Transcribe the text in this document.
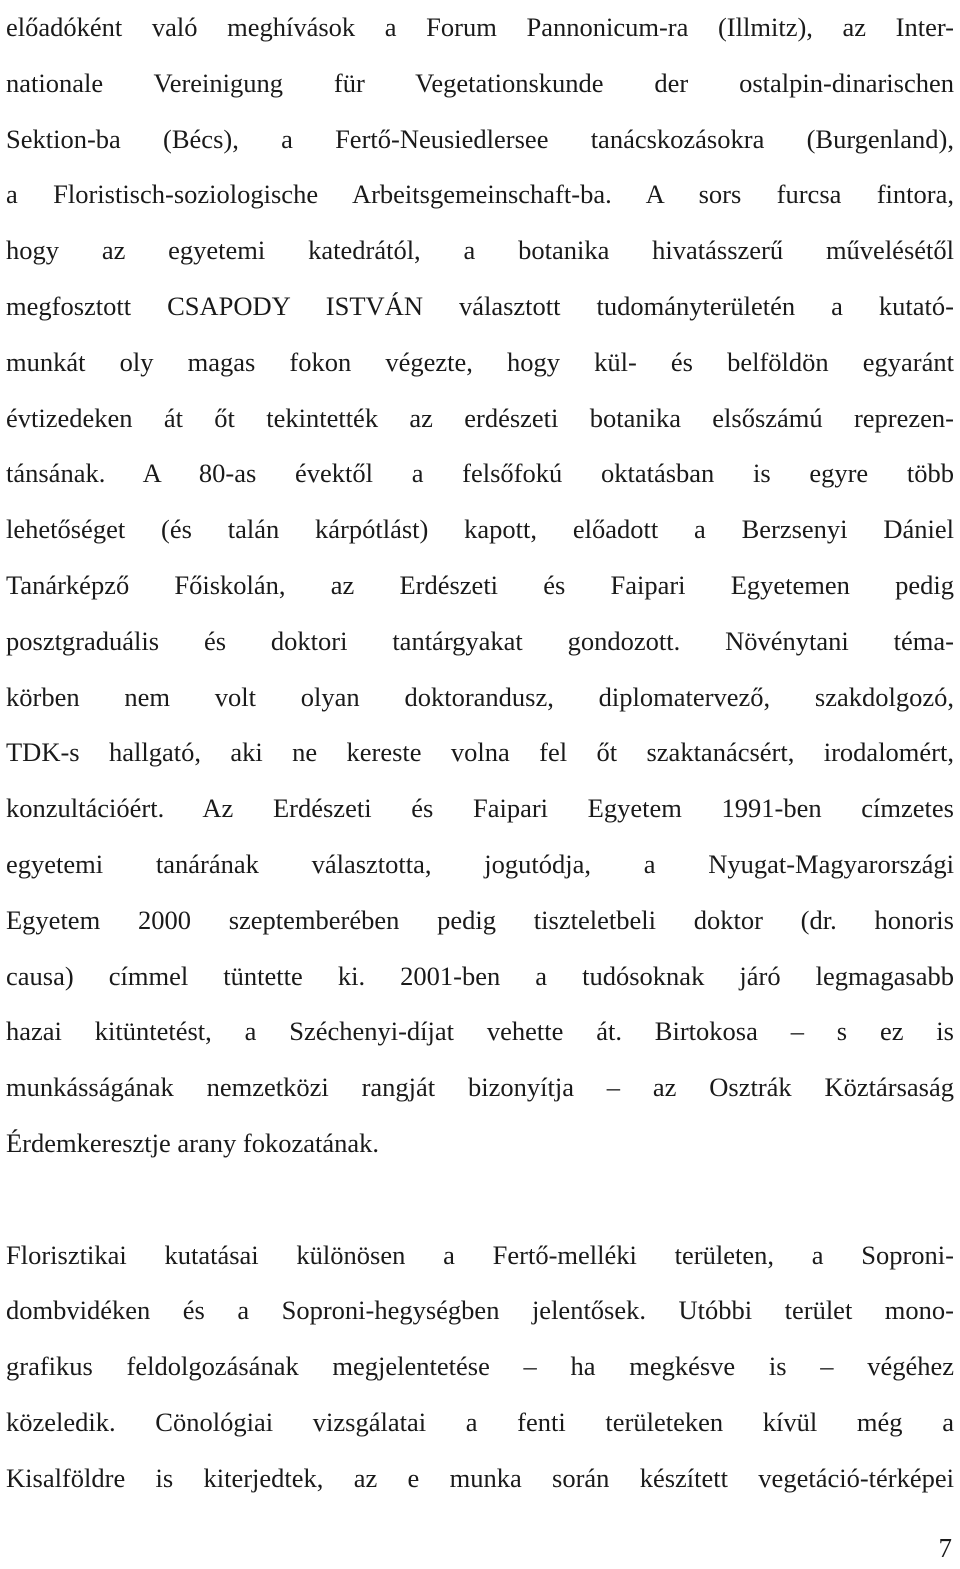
előadóként való meghívások a Forum Pannonicum-ra (Illmitz), az Inter-
nationale Vereinigung für Vegetationskunde der ostalpin-dinarischen
Sektion-ba (Bécs), a Fertő-Neusiedlersee tanácskozásokra (Burgenland),
a Floristisch-soziologische Arbeitsgemeinschaft-ba. A sors furcsa fintora,
hogy az egyetemi katedrától, a botanika hivatásszerű művelésétől
megfosztott CSAPODY ISTVÁN választott tudományterületén a kutató-
munkát oly magas fokon végezte, hogy kül- és belföldön egyaránt
évtizedeken át őt tekintették az erdészeti botanika elsőszámú reprezen-
tánsának. A 80-as évektől a felsőfokú oktatásban is egyre több
lehetőséget (és talán kárpótlást) kapott, előadott a Berzsenyi Dániel
Tanárképző Főiskolán, az Erdészeti és Faipari Egyetemen pedig
posztgraduális és doktori tantárgyakat gondozott. Növénytani téma-
körben nem volt olyan doktorandusz, diplomatervező, szakdolgozó,
TDK-s hallgató, aki ne kereste volna fel őt szaktanácsért, irodalomért,
konzultációért. Az Erdészeti és Faipari Egyetem 1991-ben címzetes
egyetemi tanárának választotta, jogutódja, a Nyugat-Magyarországi
Egyetem 2000 szeptemberében pedig tiszteletbeli doktor (dr. honoris
causa) címmel tüntette ki. 2001-ben a tudósoknak járó legmagasabb
hazai kitüntetést, a Széchenyi-díjat vehette át. Birtokosa – s ez is
munkásságának nemzetközi rangját bizonyítja – az Osztrák Köztársaság
Érdemkeresztje arany fokozatának.
Florisztikai kutatásai különösen a Fertő-melléki területen, a Soproni-
dombvidéken és a Soproni-hegységben jelentősek. Utóbbi terület mono-
grafikus feldolgozásának megjelentetése – ha megkésve is – végéhez
közeledik. Cönológiai vizsgálatai a fenti területeken kívül még a
Kisalföldre is kiterjedtek, az e munka során készített vegetáció-térképei
7
